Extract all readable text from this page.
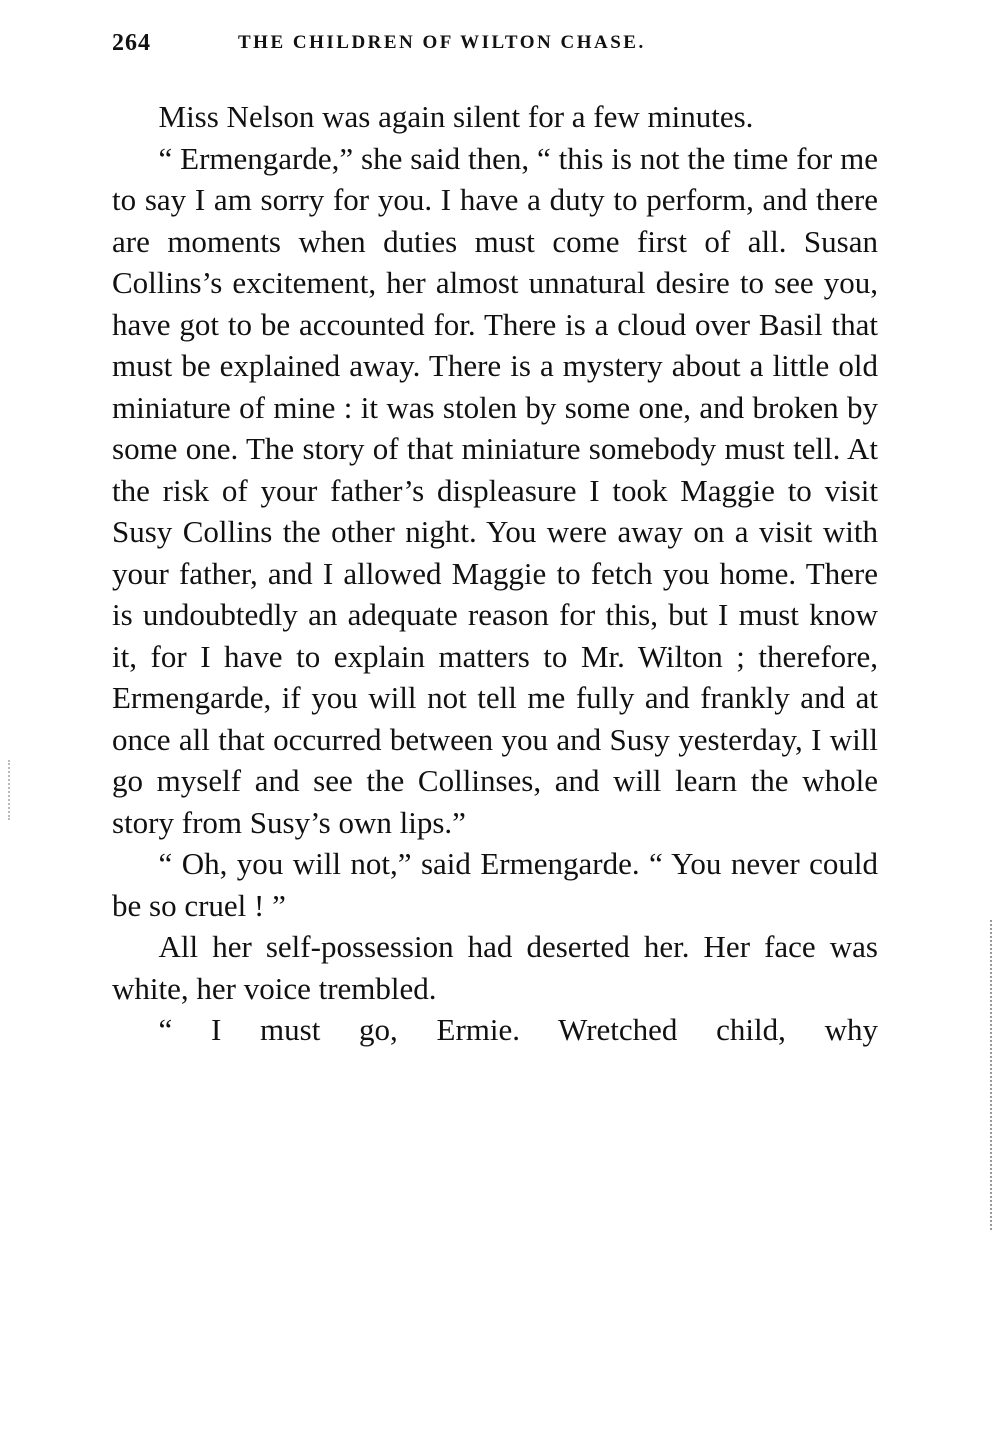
264	THE CHILDREN OF WILTON CHASE.

Miss Nelson was again silent for a few minutes.

“ Ermengarde,” she said then, “ this is not the time for me to say I am sorry for you. I have a duty to perform, and there are moments when duties must come first of all. Susan Collins’s excitement, her almost unnatural desire to see you, have got to be accounted for. There is a cloud over Basil that must be explained away. There is a mystery about a little old miniature of mine : it was stolen by some one, and broken by some one. The story of that miniature somebody must tell. At the risk of your father’s displeasure I took Maggie to visit Susy Collins the other night. You were away on a visit with your father, and I allowed Maggie to fetch you home. There is undoubtedly an adequate reason for this, but I must know it, for I have to explain matters to Mr. Wilton ; therefore, Ermengarde, if you will not tell me fully and frankly and at once all that occurred between you and Susy yesterday, I will go myself and see the Collinses, and will learn the whole story from Susy’s own lips.”

“ Oh, you will not,” said Ermengarde. “ You never could be so cruel ! ”

All her self-possession had deserted her. Her face was white, her voice trembled.

“ I must go, Ermie. Wretched child, why
